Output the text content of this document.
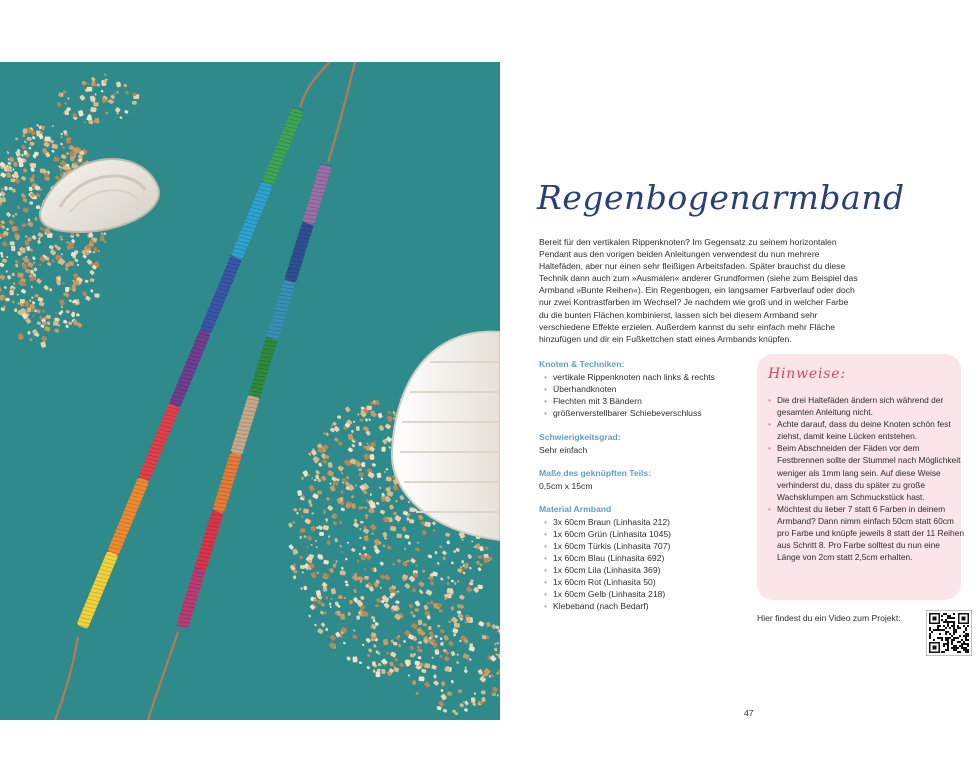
Regenbogenarmband

Bereit für den vertikalen Rippenknoten? Im Gegensatz zu seinem horizontalen Pendant aus den vorigen beiden Anleitungen verwendest du nun mehrere Haltefäden, aber nur einen sehr fleißigen Arbeitsfaden. Später brauchst du diese Technik dann auch zum »Ausmalen« anderer Grundformen (siehe zum Beispiel das Armband »Bunte Reihen«). Ein Regenbogen, ein langsamer Farbverlauf oder doch nur zwei Kontrastfarben im Wechsel? Je nachdem wie groß und in welcher Farbe du die bunten Flächen kombinierst, lassen sich bei diesem Armband sehr verschiedene Effekte erzielen. Außerdem kannst du sehr einfach mehr Fläche hinzufügen und dir ein Fußkettchen statt eines Armbands knüpfen.

Knoten & Techniken:
• vertikale Rippenknoten nach links & rechts
• Überhandknoten
• Flechten mit 3 Bändern
• größenverstellbarer Schiebeverschluss
Schwierigkeitsgrad:
Sehr einfach
Maße des geknüpften Teils:
0,5cm x 15cm
Material Armband
• 3x 60cm Braun (Linhasita 212)
• 1x 60cm Grün (Linhasita 1045)
• 1x 60cm Türkis (Linhasita 707)
• 1x 60cm Blau (Linhasita 692)
• 1x 60cm Lila (Linhasita 369)
• 1x 60cm Rot (Linhasita 50)
• 1x 60cm Gelb (Linhasita 218)
• Klebeband (nach Bedarf)
Hinweise:
• Die drei Haltefäden ändern sich während der gesamten Anleitung nicht.
• Achte darauf, dass du deine Knoten schön fest ziehst, damit keine Lücken entstehen.
• Beim Abschneiden der Fäden vor dem Festbrennen sollte der Stummel nach Möglichkeit weniger als 1mm lang sein. Auf diese Weise verhinderst du, dass du später zu große Wachsklumpen am Schmuckstück hast.
• Möchtest du lieber 7 statt 6 Farben in deinem Armband? Dann nimm einfach 50cm statt 60cm pro Farbe und knüpfe jeweils 8 statt der 11 Reihen aus Schritt 8. Pro Farbe solltest du nun eine Länge von 2cm statt 2,5cm erhalten.
Hier findest du ein Video zum Projekt:
47
